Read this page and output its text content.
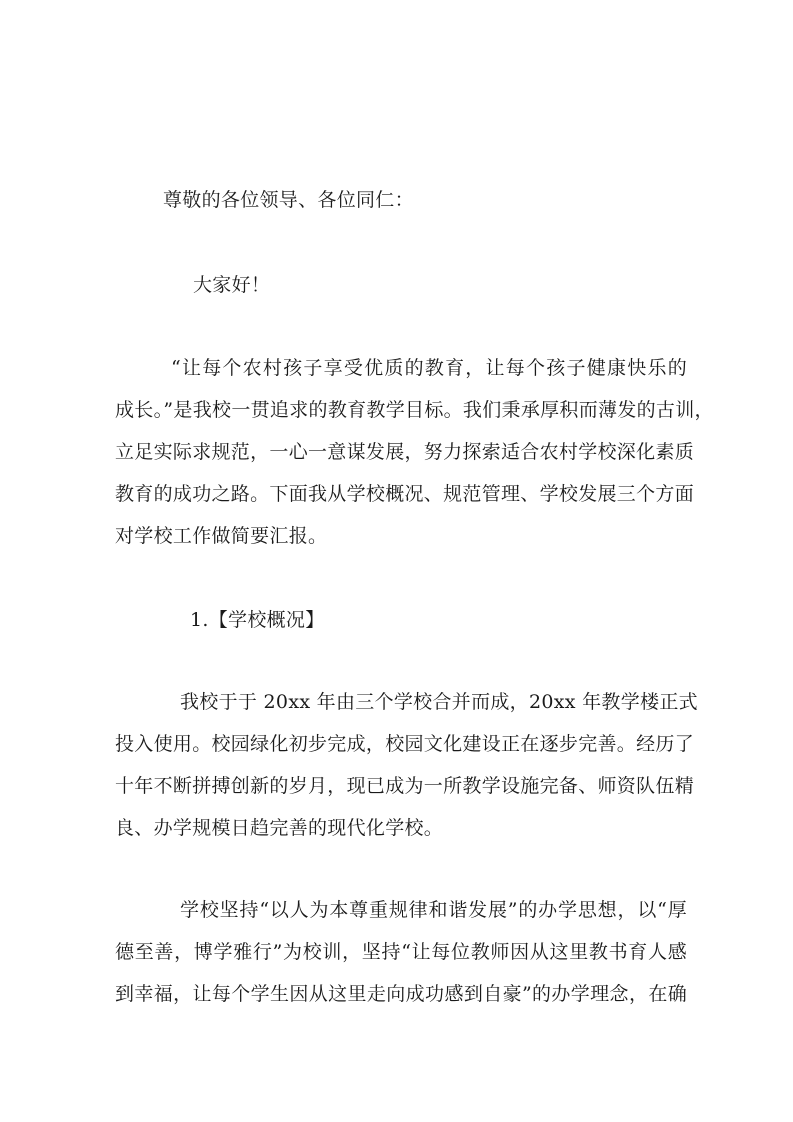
尊敬的各位领导、各位同仁：
大家好！
“让每个农村孩子享受优质的教育，让每个孩子健康快乐的
成长。”是我校一贯追求的教育教学目标。我们秉承厚积而薄发的古训，
立足实际求规范，一心一意谋发展，努力探索适合农村学校深化素质
教育的成功之路。下面我从学校概况、规范管理、学校发展三个方面
对学校工作做简要汇报。
1.【学校概况】
我校于于 20xx 年由三个学校合并而成，20xx 年教学楼正式
投入使用。校园绿化初步完成，校园文化建设正在逐步完善。经历了
十年不断拼搏创新的岁月，现已成为一所教学设施完备、师资队伍精
良、办学规模日趋完善的现代化学校。
学校坚持“以人为本尊重规律和谐发展”的办学思想，以“厚
德至善，博学雅行”为校训，坚持“让每位教师因从这里教书育人感
到幸福，让每个学生因从这里走向成功感到自豪”的办学理念，在确
